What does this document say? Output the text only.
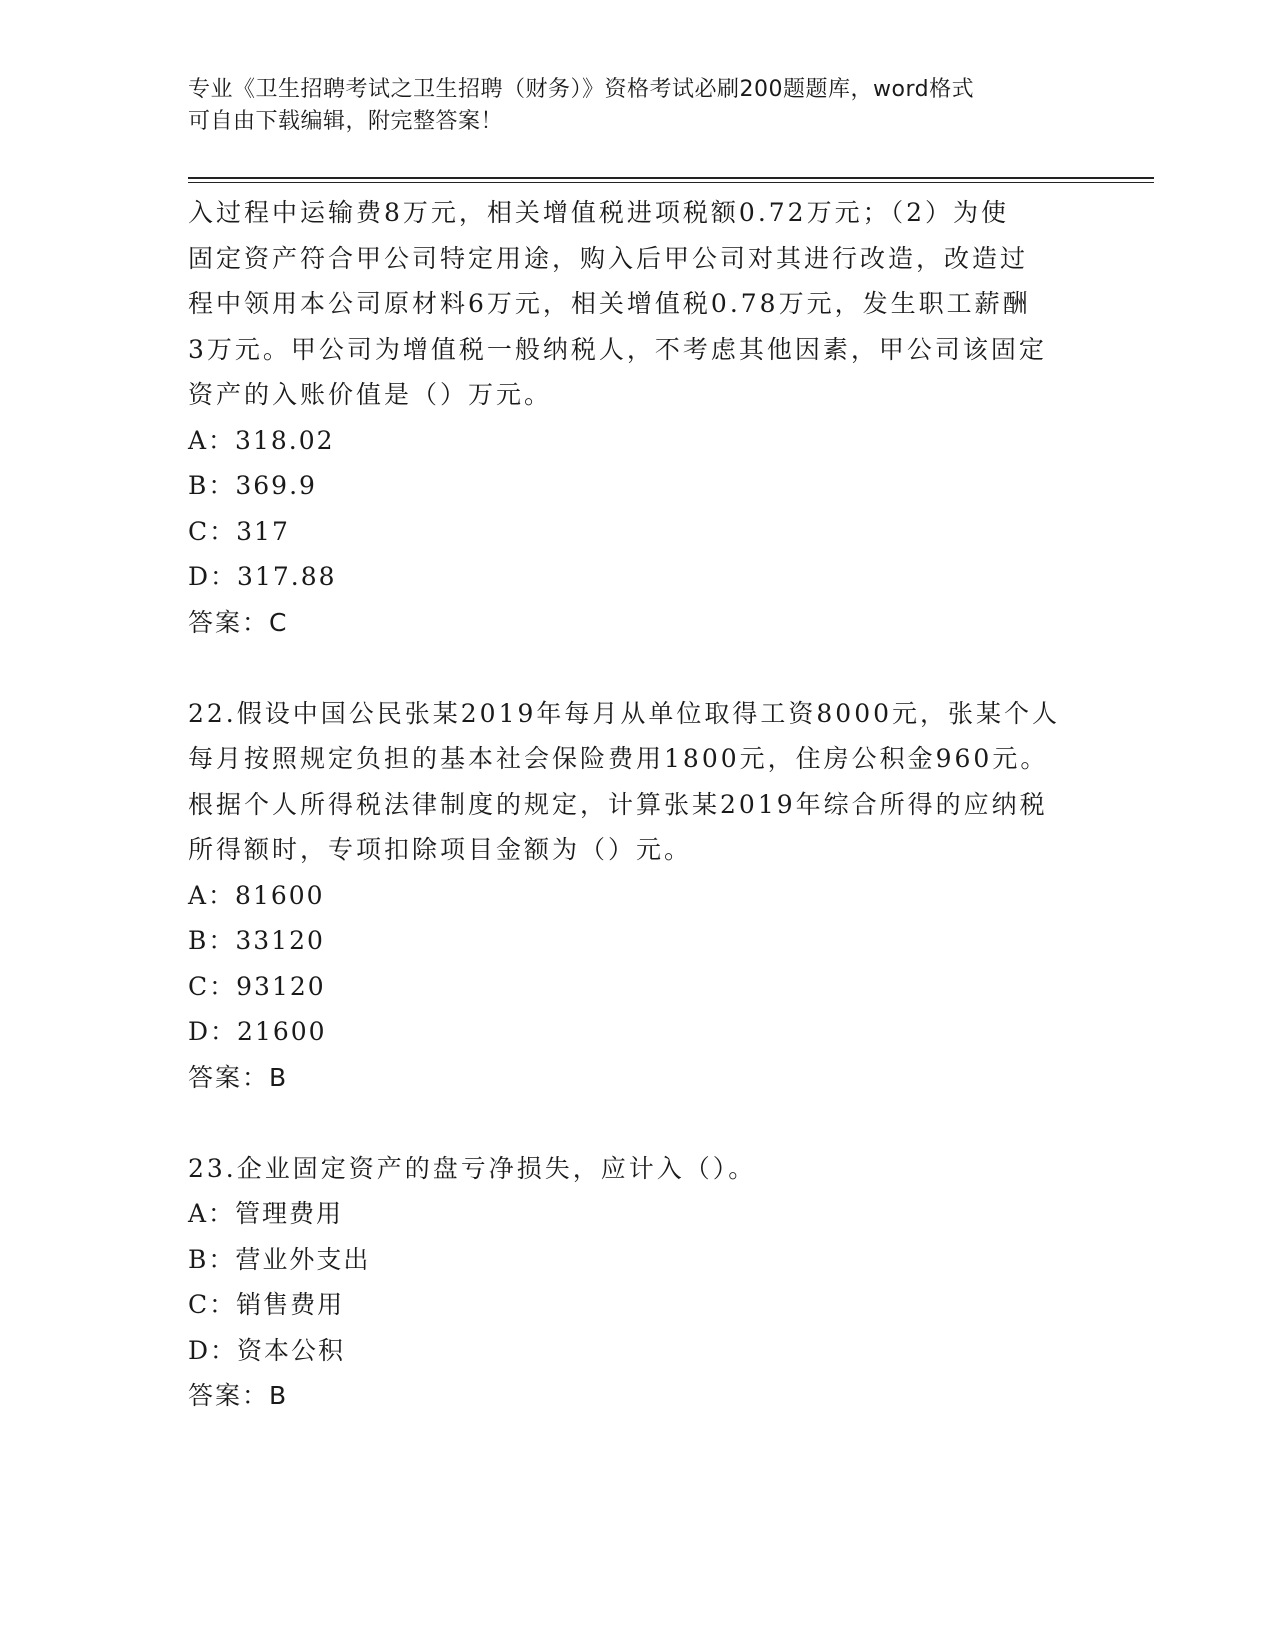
专业《卫生招聘考试之卫生招聘（财务）》资格考试必刷200题题库，word格式
可自由下载编辑，附完整答案！

入过程中运输费8万元，相关增值税进项税额0.72万元；（2）为使

固定资产符合甲公司特定用途，购入后甲公司对其进行改造，改造过

程中领用本公司原材料6万元，相关增值税0.78万元，发生职工薪酬

3万元。甲公司为增值税一般纳税人，不考虑其他因素，甲公司该固定

资产的入账价值是（）万元。

A：318.02

B：369.9

C：317

D：317.88

答案：C

22.假设中国公民张某2019年每月从单位取得工资8000元，张某个人

每月按照规定负担的基本社会保险费用1800元，住房公积金960元。

根据个人所得税法律制度的规定，计算张某2019年综合所得的应纳税

所得额时，专项扣除项目金额为（）元。

A：81600

B：33120

C：93120

D：21600

答案：B

23.企业固定资产的盘亏净损失，应计入（）。

A：管理费用

B：营业外支出

C：销售费用

D：资本公积

答案：B
